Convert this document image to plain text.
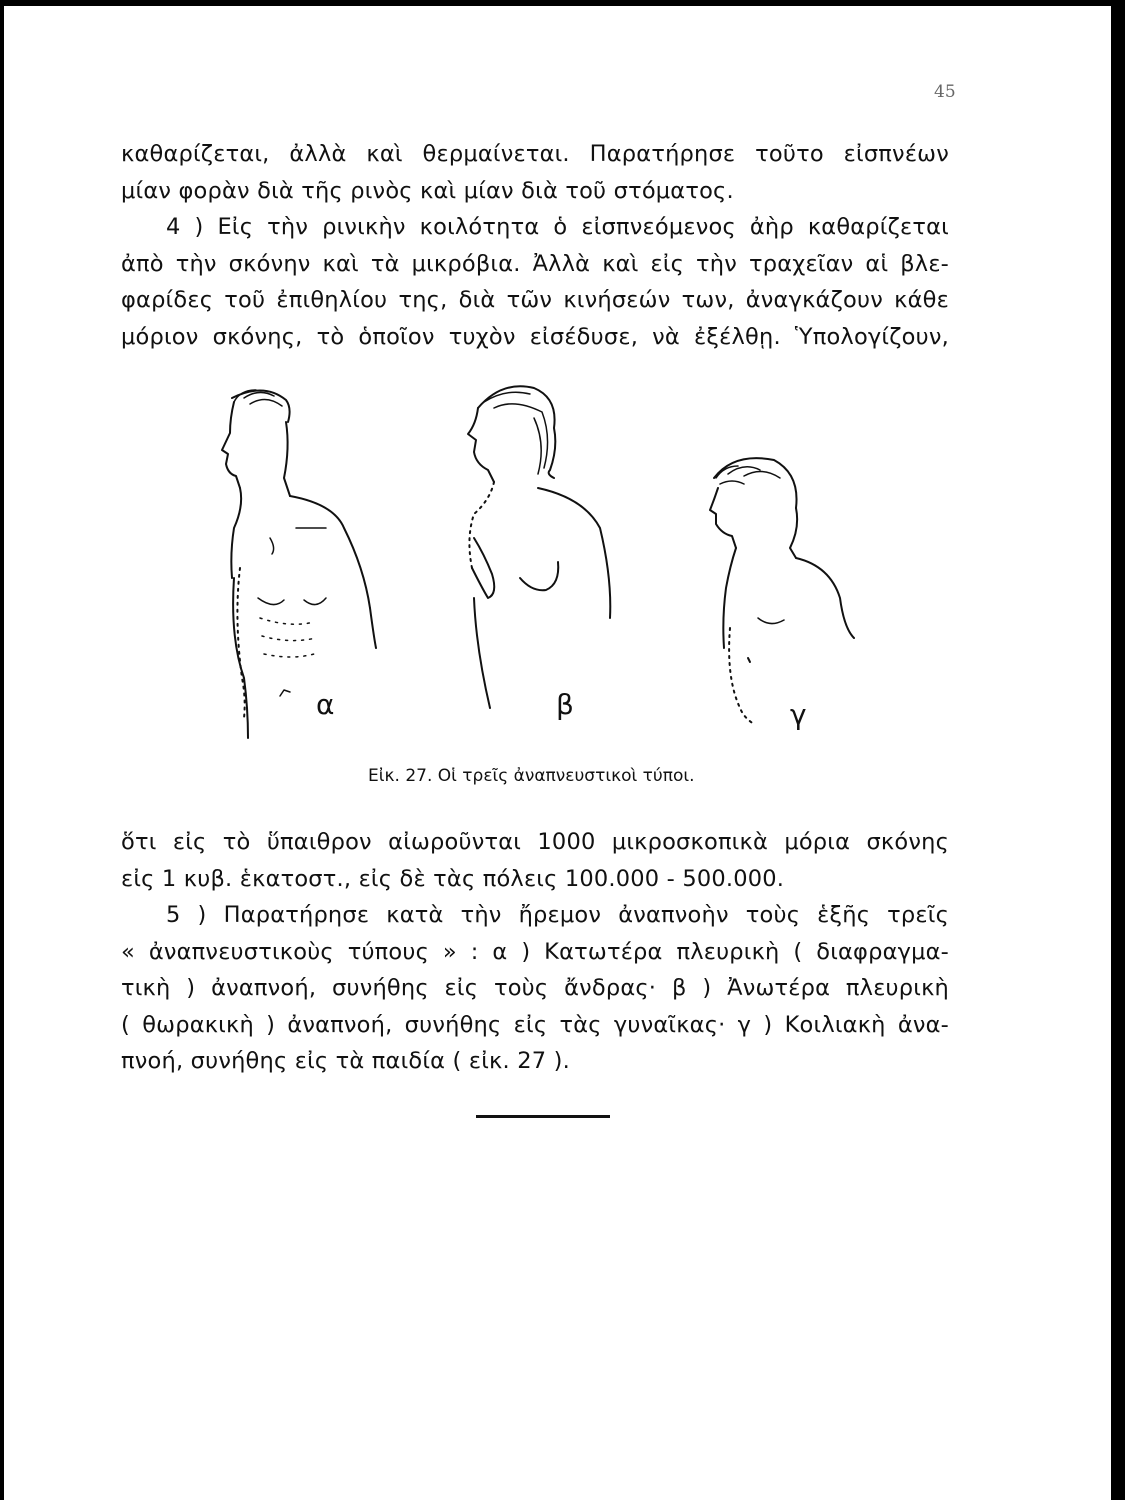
45
καθαρίζεται, ἀλλὰ καὶ θερμαίνεται. Παρατήρησε τοῦτο εἰσπνέων
μίαν φορὰν διὰ τῆς ρινὸς καὶ μίαν διὰ τοῦ στόματος.
4 ) Εἰς τὴν ρινικὴν κοιλότητα ὁ εἰσπνεόμενος ἀὴρ καθαρίζεται
ἀπὸ τὴν σκόνην καὶ τὰ μικρόβια. Ἀλλὰ καὶ εἰς τὴν τραχεῖαν αἱ βλε-
φαρίδες τοῦ ἐπιθηλίου της, διὰ τῶν κινήσεών των, ἀναγκάζουν κάθε
μόριον σκόνης, τὸ ὁποῖον τυχὸν εἰσέδυσε, νὰ ἐξέλθῃ. Ὑπολογίζουν,
α	β	γ
Εἰκ. 27. Οἱ τρεῖς ἀναπνευστικοὶ τύποι.
ὅτι εἰς τὸ ὕπαιθρον αἰωροῦνται 1000 μικροσκοπικὰ μόρια σκόνης
εἰς 1 κυβ. ἑκατοστ., εἰς δὲ τὰς πόλεις 100.000 - 500.000.
5 ) Παρατήρησε κατὰ τὴν ἤρεμον ἀναπνοὴν τοὺς ἑξῆς τρεῖς
« ἀναπνευστικοὺς τύπους » : α ) Κατωτέρα πλευρικὴ ( διαφραγμα-
τικὴ ) ἀναπνοή, συνήθης εἰς τοὺς ἄνδρας· β ) Ἀνωτέρα πλευρικὴ
( θωρακικὴ ) ἀναπνοή, συνήθης εἰς τὰς γυναῖκας· γ ) Κοιλιακὴ ἀνα-
πνοή, συνήθης εἰς τὰ παιδία ( εἰκ. 27 ).
